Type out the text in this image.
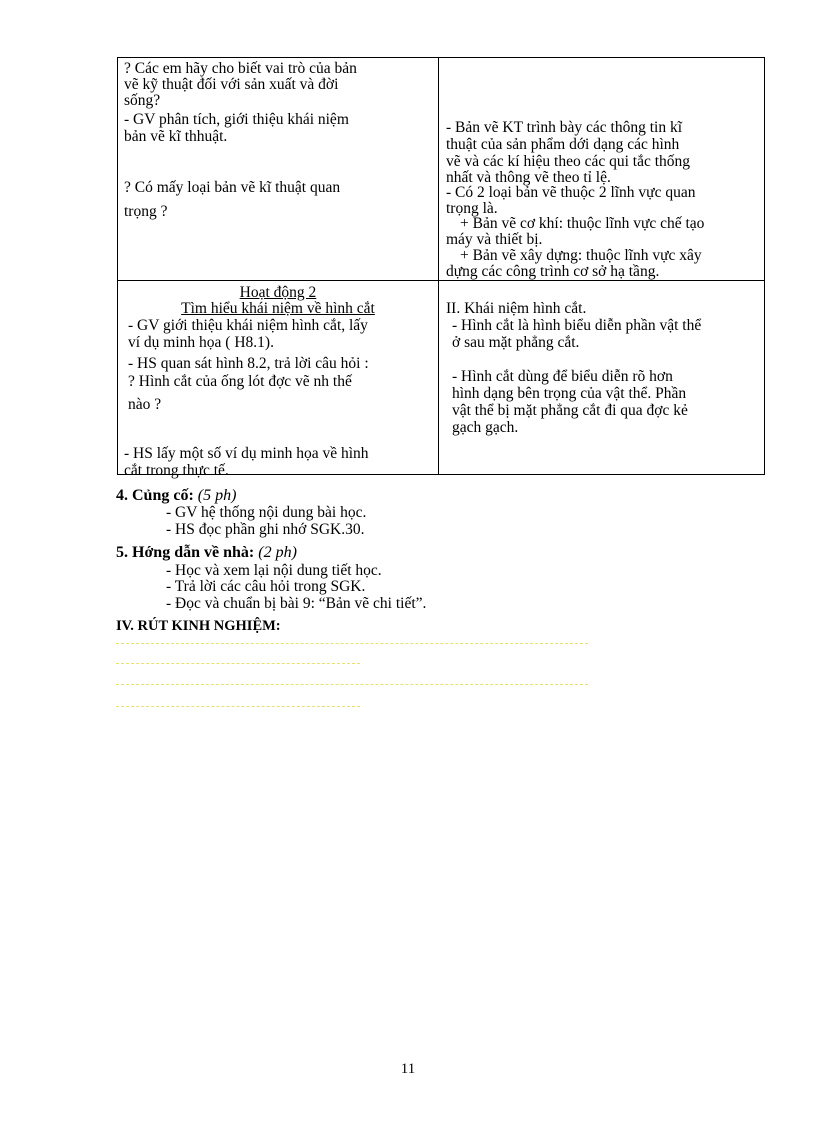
? Các em hãy cho biết vai trò của bản
vẽ kỹ thuật đối với sản xuất và đời
sống?
- GV phân tích, giới thiệu khái niệm
bản vẽ kĩ thhuật.
? Có mấy loại bản vẽ kĩ thuật quan
trọng ?
- Bản vẽ KT trình bày các thông tin kĩ
thuật của sản phẩm dới dạng các hình
vẽ và các kí hiệu theo các qui tắc thống
nhất và thông vẽ theo tỉ lệ.
- Có 2 loại bản vẽ thuộc 2 lĩnh vực quan
trọng là.
+ Bản vẽ cơ khí: thuộc lĩnh vực chế tạo
máy và thiết bị.
+ Bản vẽ xây dựng: thuộc lĩnh vực xây
dựng các công trình cơ sở hạ tầng.
Hoạt động 2
Tìm hiểu khái niệm về hình cắt
- GV giới thiệu khái niệm hình cắt, lấy
ví dụ minh họa ( H8.1).
- HS quan sát hình 8.2, trả lời câu hỏi :
? Hình cắt của ống lót đợc vẽ nh thế
nào ?
- HS lấy một số ví dụ minh họa về hình
cắt trong thực tế.
II. Khái niệm hình cắt.
- Hình cắt là hình biểu diễn phần vật thể
ở sau mặt phẳng cắt.
- Hình cắt dùng để biểu diễn rõ hơn
hình dạng bên trọng của vật thể. Phần
vật thể bị mặt phẳng cắt đi qua đợc kẻ
gạch gạch.
4. Củng cố: (5 ph)
- GV hệ thống nội dung bài học.
- HS đọc phần ghi nhớ SGK.30.
5. Hớng dẫn về nhà: (2 ph)
- Học và xem lại nội dung tiết học.
- Trả lời các câu hỏi trong SGK.
- Đọc và chuẩn bị bài 9: “Bản vẽ chi tiết”.
IV. RÚT KINH NGHIỆM:
11
